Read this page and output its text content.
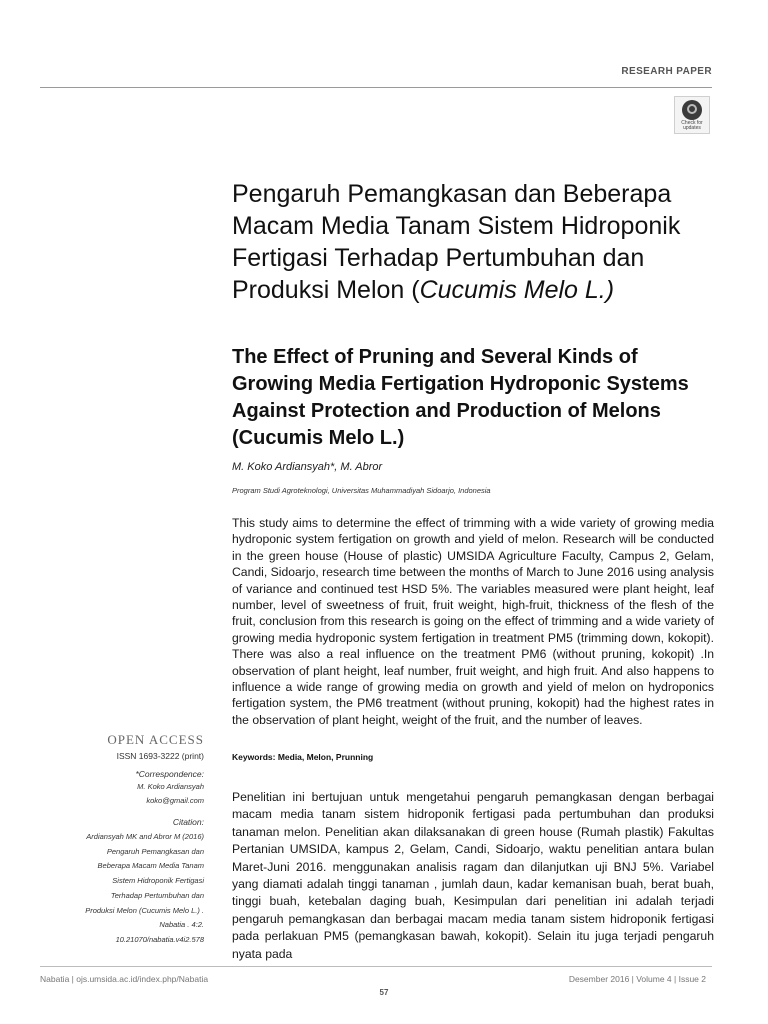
RESEARH PAPER
Check for updates
Pengaruh Pemangkasan dan Beberapa Macam Media Tanam Sistem Hidroponik Fertigasi Terhadap Pertumbuhan dan Produksi Melon (Cucumis Melo L.)
The Effect of Pruning and Several Kinds of Growing Media Fertigation Hydroponic Systems Against Protection and Production of Melons (Cucumis Melo L.)
M. Koko Ardiansyah*, M. Abror
Program Studi Agroteknologi, Universitas Muhammadiyah Sidoarjo, Indonesia

This study aims to determine the effect of trimming with a wide variety of growing media hydroponic system fertigation on growth and yield of melon. Research will be conducted in the green house (House of plastic) UMSIDA Agriculture Faculty, Campus 2, Gelam, Candi, Sidoarjo, research time between the months of March to June 2016 using analysis of variance and continued test HSD 5%. The variables measured were plant height, leaf number, level of sweetness of fruit, fruit weight, high-fruit, thickness of the flesh of the fruit, conclusion from this research is going on the effect of trimming and a wide variety of growing media hydroponic system fertigation in treatment PM5 (trimming down, kokopit). There was also a real influence on the treatment PM6 (without pruning, kokopit) .In observation of plant height, leaf number, fruit weight, and high fruit. And also happens to influence a wide range of growing media on growth and yield of melon on hydroponics fertigation system, the PM6 treatment (without pruning, kokopit) had the highest rates in the observation of plant height, weight of the fruit, and the number of leaves.

Keywords: Media, Melon, Prunning

Penelitian ini bertujuan untuk mengetahui pengaruh pemangkasan dengan berbagai macam media tanam sistem hidroponik fertigasi pada pertumbuhan dan produksi tanaman melon. Penelitian akan dilaksanakan di green house (Rumah plastik) Fakultas Pertanian UMSIDA, kampus 2, Gelam, Candi, Sidoarjo, waktu penelitian antara bulan Maret-Juni 2016. menggunakan analisis ragam dan dilanjutkan uji BNJ 5%. Variabel yang diamati adalah tinggi tanaman , jumlah daun, kadar kemanisan buah, berat buah, tinggi buah, ketebalan daging buah, Kesimpulan dari penelitian ini adalah terjadi pengaruh pemangkasan dan berbagai macam media tanam sistem hidroponik fertigasi pada perlakuan PM5 (pemangkasan bawah, kokopit). Selain itu juga terjadi pengaruh nyata pada

OPEN ACCESS
ISSN 1693-3222 (print)
*Correspondence:
M. Koko Ardiansyah
koko@gmail.com
Citation:
Ardiansyah MK and Abror M (2016)
Pengaruh Pemangkasan dan
Beberapa Macam Media Tanam
Sistem Hidroponik Fertigasi
Terhadap Pertumbuhan dan
Produksi Melon (Cucumis Melo L.) .
Nabatia . 4:2.
10.21070/nabatia.v4i2.578
Nabatia | ojs.umsida.ac.id/index.php/Nabatia	Desember 2016 | Volume 4 | Issue 2
57
